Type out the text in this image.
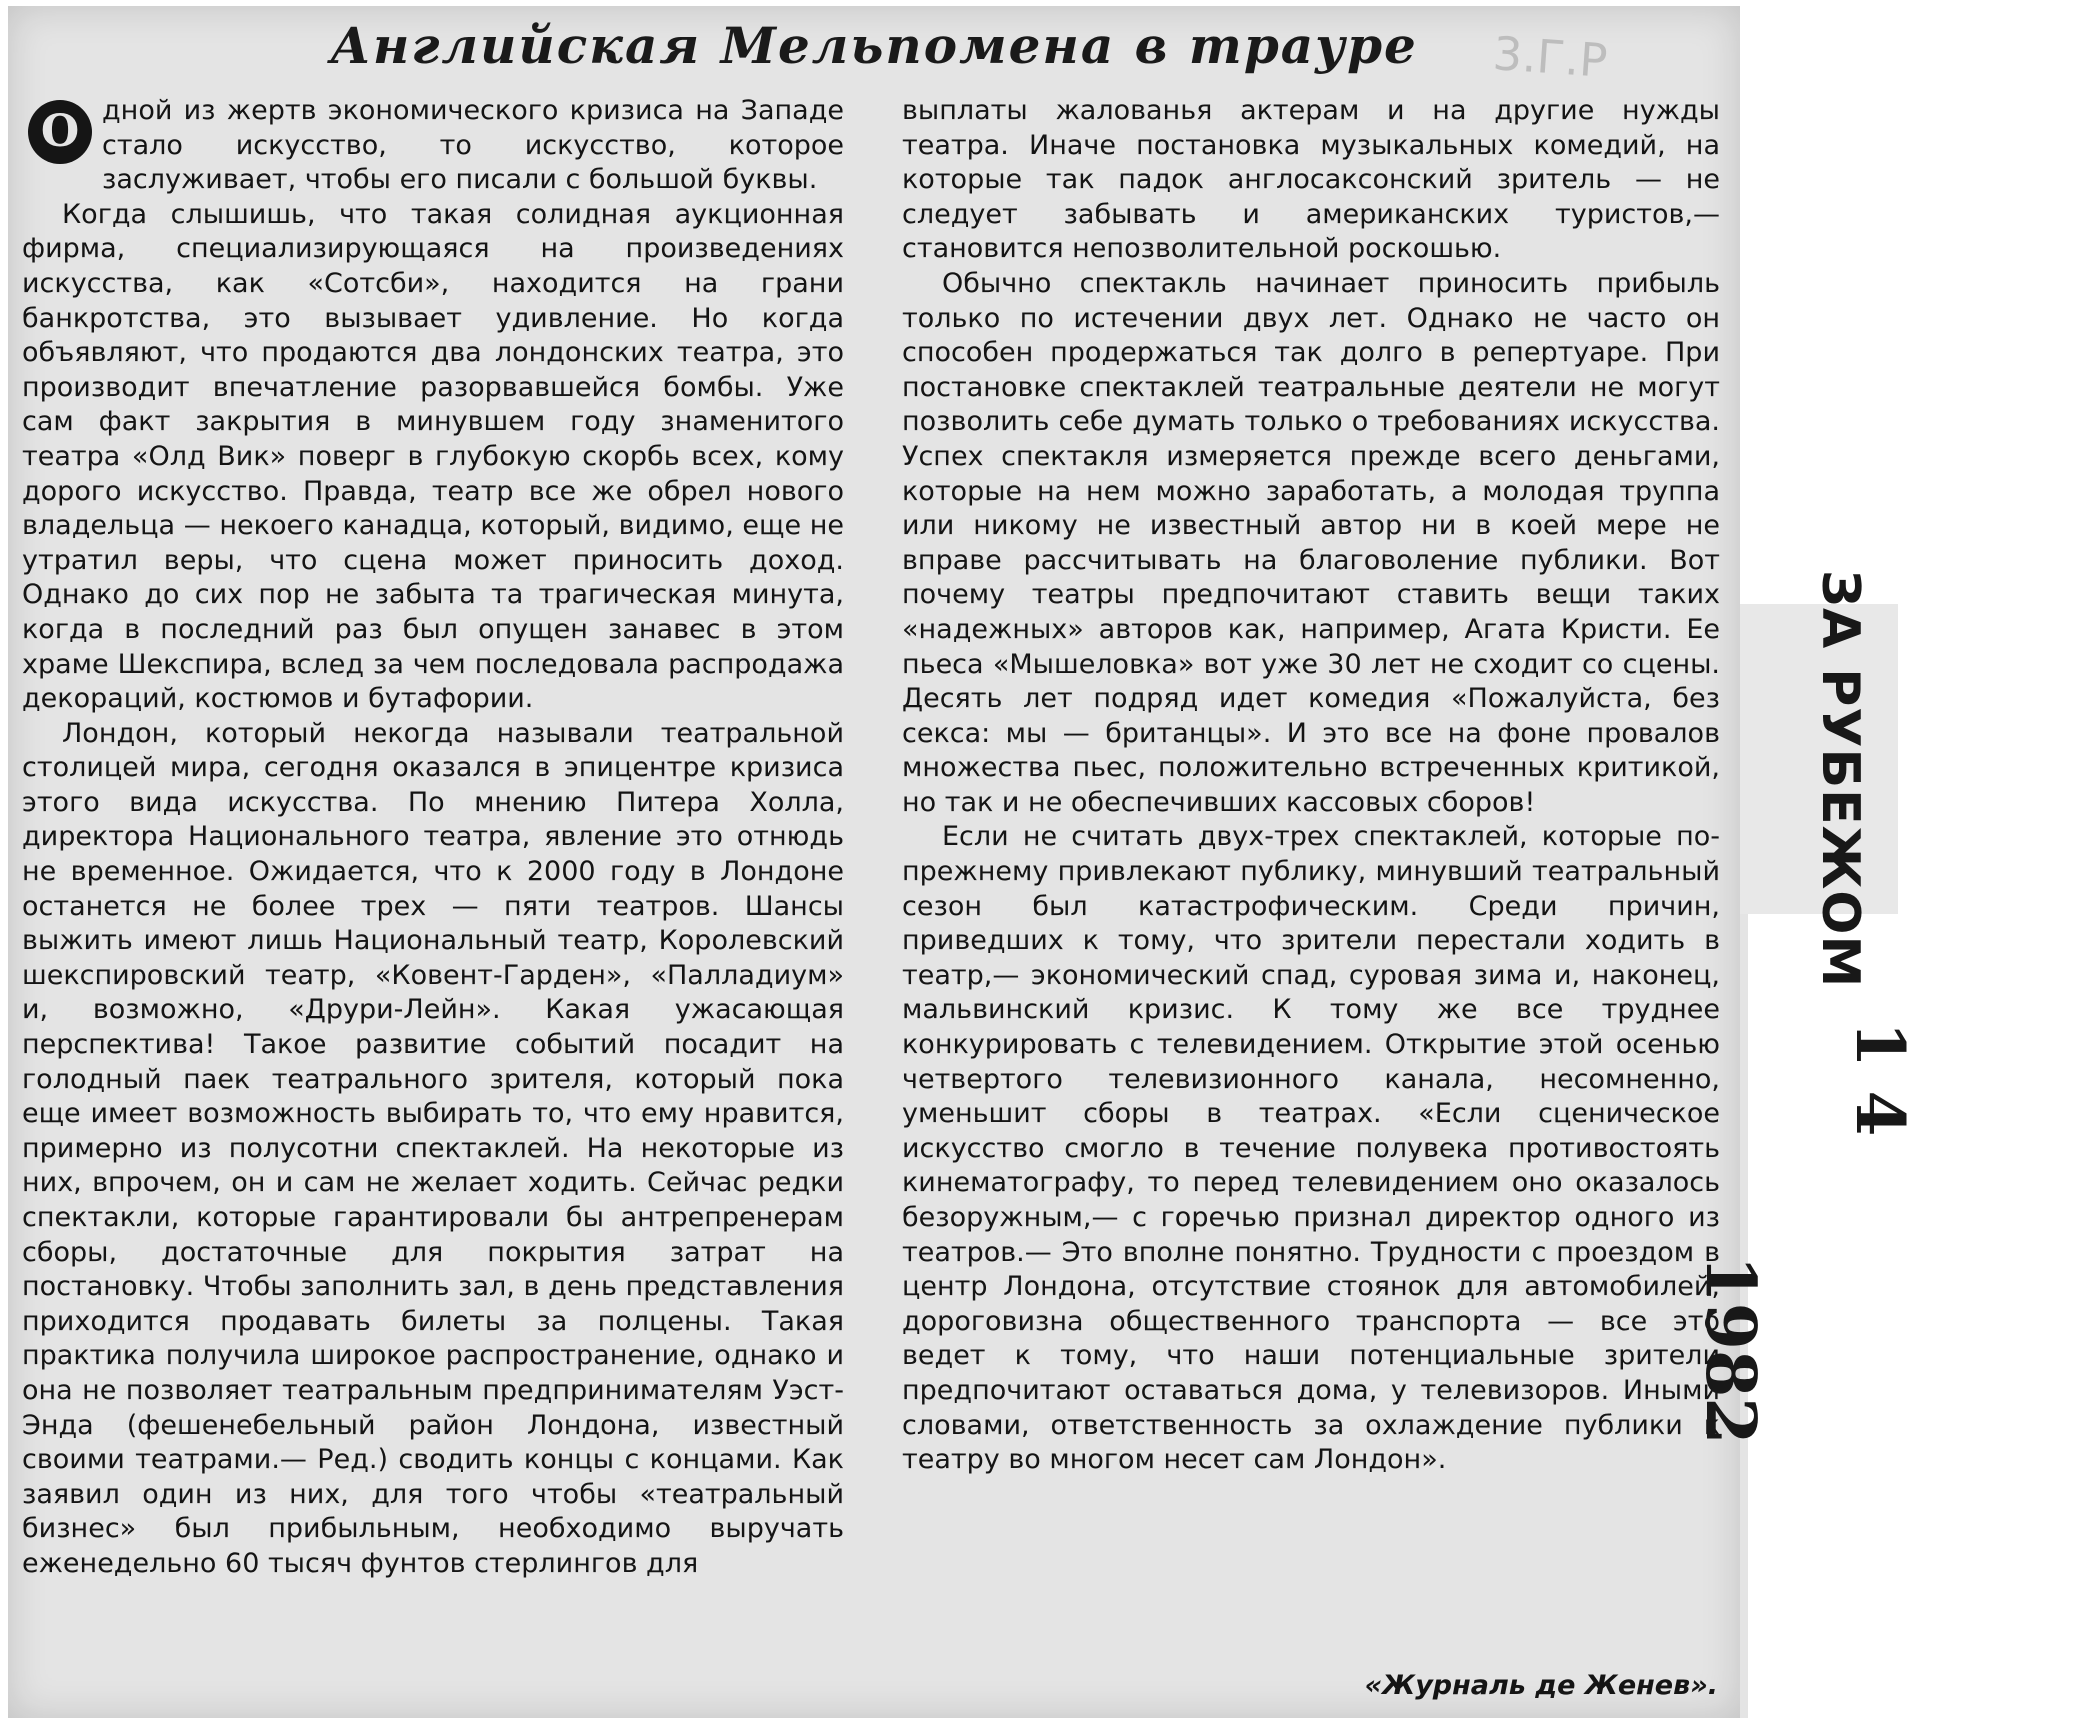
Английская Мельпомена в трауре	3.Г.Р

О дной из жертв экономического кризиса на Западе стало искусство, то искусство, которое заслуживает, чтобы его писали с большой буквы.

Когда слышишь, что такая солидная аукционная фирма, специализирующаяся на произведениях искусства, как «Сотсби», находится на грани банкротства, это вызывает удивление. Но когда объявляют, что продаются два лондонских театра, это производит впечатление разорвавшейся бомбы. Уже сам факт закрытия в минувшем году знаменитого театра «Олд Вик» поверг в глубокую скорбь всех, кому дорого искусство. Правда, театр все же обрел нового владельца — некоего канадца, который, видимо, еще не утратил веры, что сцена может приносить доход. Однако до сих пор не забыта та трагическая минута, когда в последний раз был опущен занавес в этом храме Шекспира, вслед за чем последовала распродажа декораций, костюмов и бутафории.

Лондон, который некогда называли театральной столицей мира, сегодня оказался в эпицентре кризиса этого вида искусства. По мнению Питера Холла, директора Национального театра, явление это отнюдь не временное. Ожидается, что к 2000 году в Лондоне останется не более трех — пяти театров. Шансы выжить имеют лишь Национальный театр, Королевский шекспировский театр, «Ковент-Гарден», «Палладиум» и, возможно, «Друри-Лейн». Какая ужасающая перспектива! Такое развитие событий посадит на голодный паек театрального зрителя, который пока еще имеет возможность выбирать то, что ему нравится, примерно из полусотни спектаклей. На некоторые из них, впрочем, он и сам не желает ходить. Сейчас редки спектакли, которые гарантировали бы антрепренерам сборы, достаточные для покрытия затрат на постановку. Чтобы заполнить зал, в день представления приходится продавать билеты за полцены. Такая практика получила широкое распространение, однако и она не позволяет театральным предпринимателям Уэст-Энда (фешенебельный район Лондона, известный своими театрами.— Ред.) сводить концы с концами. Как заявил один из них, для того чтобы «театральный бизнес» был прибыльным, необходимо выручать еженедельно 60 тысяч фунтов стерлингов для

выплаты жалованья актерам и на другие нужды театра. Иначе постановка музыкальных комедий, на которые так падок англосаксонский зритель — не следует забывать и американских туристов,— становится непозволительной роскошью.

Обычно спектакль начинает приносить прибыль только по истечении двух лет. Однако не часто он способен продержаться так долго в репертуаре. При постановке спектаклей театральные деятели не могут позволить себе думать только о требованиях искусства. Успех спектакля измеряется прежде всего деньгами, которые на нем можно заработать, а молодая труппа или никому не известный автор ни в коей мере не вправе рассчитывать на благоволение публики. Вот почему театры предпочитают ставить вещи таких «надежных» авторов как, например, Агата Кристи. Ее пьеса «Мышеловка» вот уже 30 лет не сходит со сцены. Десять лет подряд идет комедия «Пожалуйста, без секса: мы — британцы». И это все на фоне провалов множества пьес, положительно встреченных критикой, но так и не обеспечивших кассовых сборов!

Если не считать двух-трех спектаклей, которые по-прежнему привлекают публику, минувший театральный сезон был катастрофическим. Среди причин, приведших к тому, что зрители перестали ходить в театр,— экономический спад, суровая зима и, наконец, мальвинский кризис. К тому же все труднее конкурировать с телевидением. Открытие этой осенью четвертого телевизионного канала, несомненно, уменьшит сборы в театрах. «Если сценическое искусство смогло в течение полувека противостоять кинематографу, то перед телевидением оно оказалось безоружным,— с горечью признал директор одного из театров.— Это вполне понятно. Трудности с проездом в центр Лондона, отсутствие стоянок для автомобилей, дороговизна общественного транспорта — все это ведет к тому, что наши потенциальные зрители предпочитают оставаться дома, у телевизоров. Иными словами, ответственность за охлаждение публики к театру во многом несет сам Лондон».

«Журналь де Женев».
ЗА РУБЕЖОМ
1 4
1982
